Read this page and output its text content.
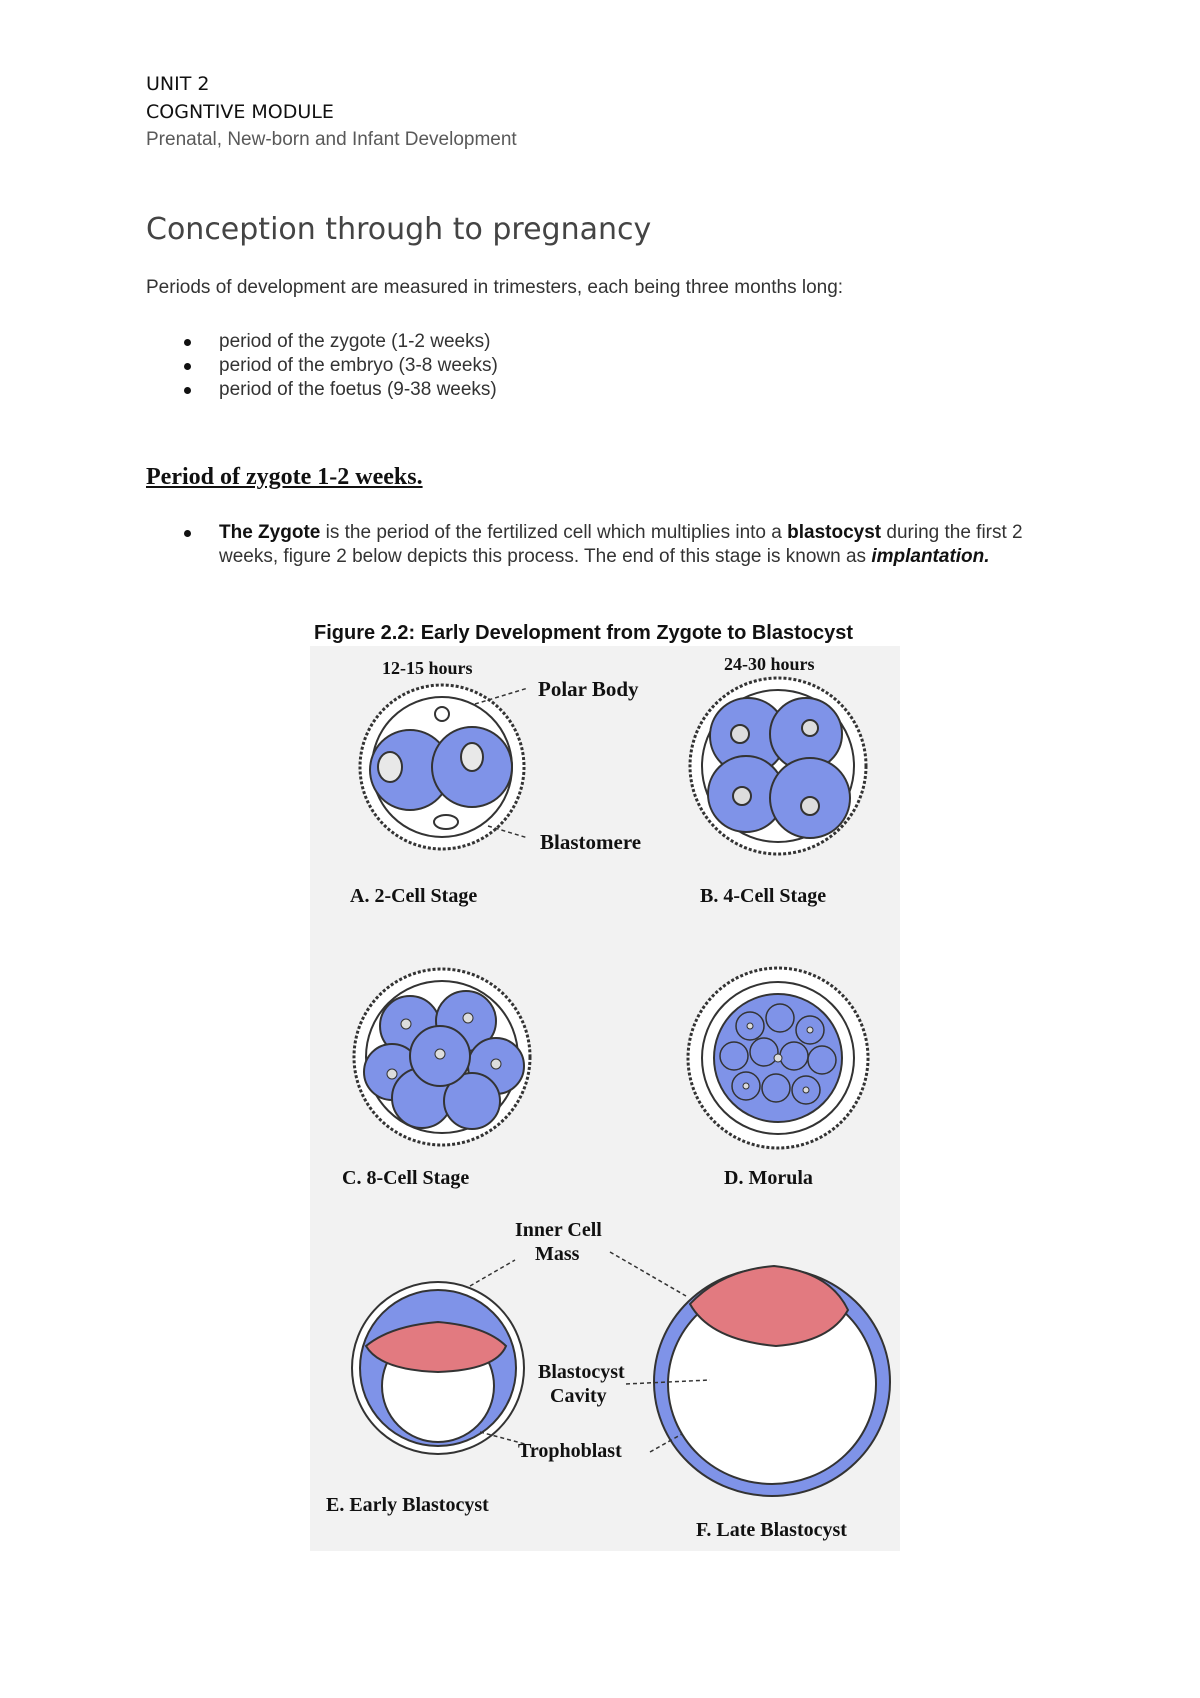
UNIT 2
COGNTIVE MODULE
Prenatal, New-born and Infant Development
Conception through to pregnancy
Periods of development are measured in trimesters, each being three months long:
period of the zygote (1-2 weeks)
period of the embryo (3-8 weeks)
period of the foetus (9-38 weeks)
Period of zygote 1-2 weeks.
The Zygote is the period of the fertilized cell which multiplies into a blastocyst during the first 2 weeks, figure 2 below depicts this process. The end of this stage is known as implantation.
Figure 2.2: Early Development from Zygote to Blastocyst
12-15 hours	24-30 hours
Polar Body
Blastomere
A. 2-Cell Stage	B. 4-Cell Stage
C. 8-Cell Stage	D. Morula
Inner Cell
Mass
Blastocyst
Cavity
Trophoblast
E. Early Blastocyst
F. Late Blastocyst
